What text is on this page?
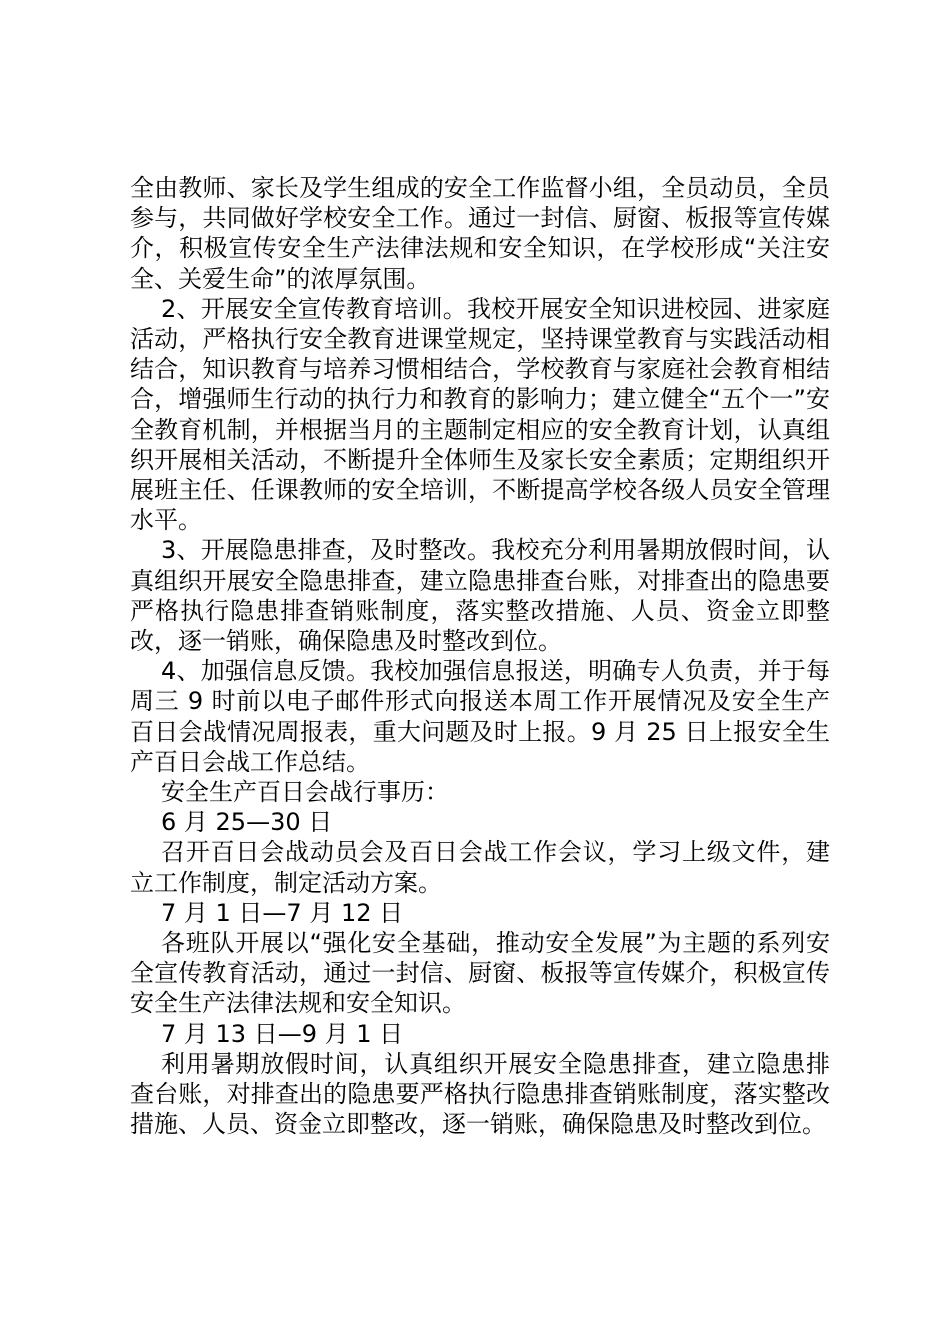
全由教师、家长及学生组成的安全工作监督小组，全员动员，全员参与，共同做好学校安全工作。通过一封信、厨窗、板报等宣传媒介，积极宣传安全生产法律法规和安全知识，在学校形成“关注安全、关爱生命”的浓厚氛围。

2、开展安全宣传教育培训。我校开展安全知识进校园、进家庭活动，严格执行安全教育进课堂规定，坚持课堂教育与实践活动相结合，知识教育与培养习惯相结合，学校教育与家庭社会教育相结合，增强师生行动的执行力和教育的影响力；建立健全“五个一”安全教育机制，并根据当月的主题制定相应的安全教育计划，认真组织开展相关活动，不断提升全体师生及家长安全素质；定期组织开展班主任、任课教师的安全培训，不断提高学校各级人员安全管理水平。

3、开展隐患排查，及时整改。我校充分利用暑期放假时间，认真组织开展安全隐患排查，建立隐患排查台账，对排查出的隐患要严格执行隐患排查销账制度，落实整改措施、人员、资金立即整改，逐一销账，确保隐患及时整改到位。

4、加强信息反馈。我校加强信息报送，明确专人负责，并于每周三 9 时前以电子邮件形式向报送本周工作开展情况及安全生产百日会战情况周报表，重大问题及时上报。9 月 25 日上报安全生产百日会战工作总结。

安全生产百日会战行事历：

6 月 25—30 日

召开百日会战动员会及百日会战工作会议，学习上级文件，建立工作制度，制定活动方案。

7 月 1 日—7 月 12 日

各班队开展以“强化安全基础，推动安全发展”为主题的系列安全宣传教育活动，通过一封信、厨窗、板报等宣传媒介，积极宣传安全生产法律法规和安全知识。

7 月 13 日—9 月 1 日

利用暑期放假时间，认真组织开展安全隐患排查，建立隐患排查台账，对排查出的隐患要严格执行隐患排查销账制度，落实整改措施、人员、资金立即整改，逐一销账，确保隐患及时整改到位。
